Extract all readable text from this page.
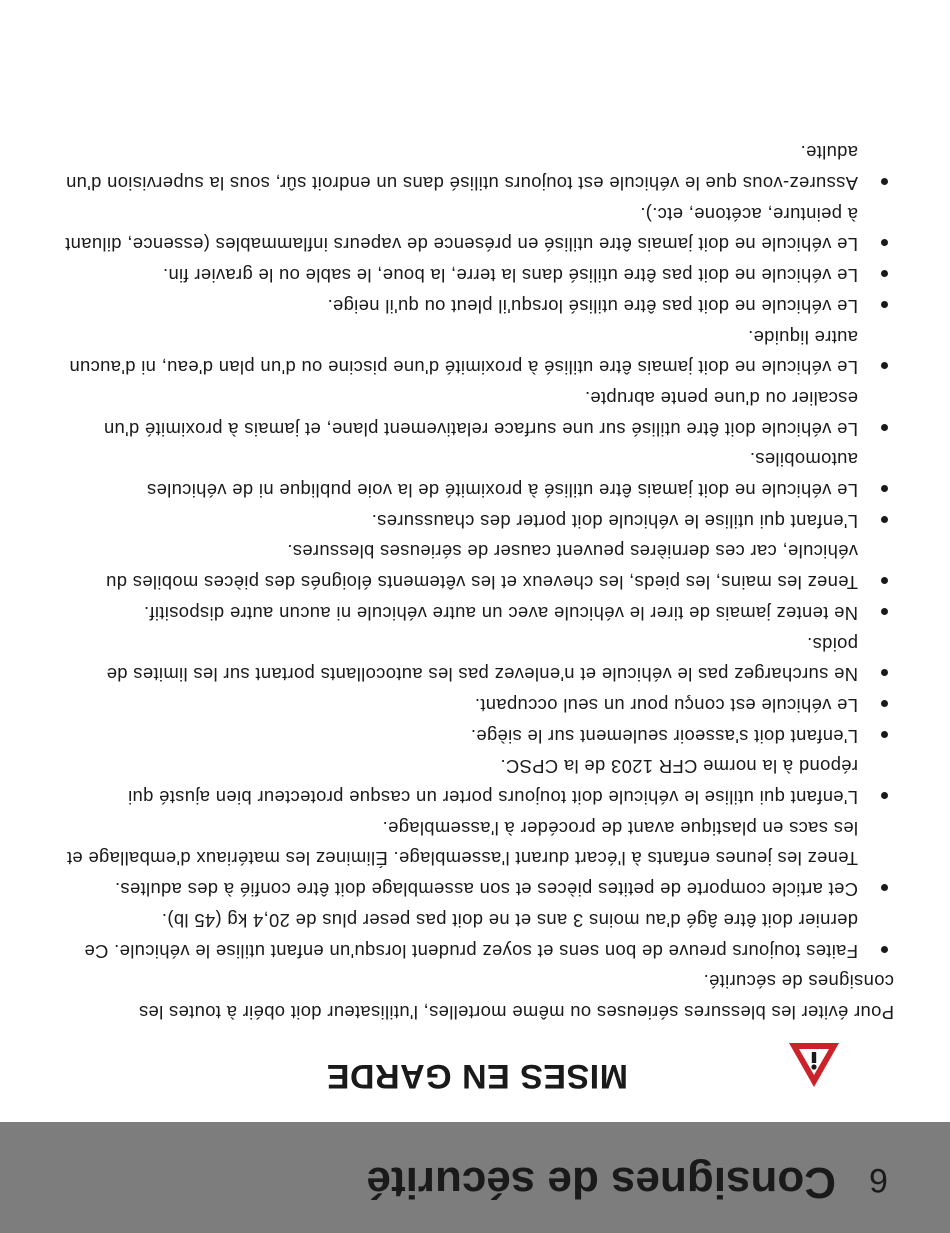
6
Consignes de sécurité
MISES EN GARDE

Pour éviter les blessures sérieuses ou même mortelles, l'utilisateur doit obéir à toutes les consignes de sécurité.

Faites toujours preuve de bon sens et soyez prudent lorsqu'un enfant utilise le véhicule. Ce dernier doit être âgé d'au moins 3 ans et ne doit pas peser plus de 20,4 kg (45 lb).
Cet article comporte de petites pièces et son assemblage doit être confié à des adultes. Tenez les jeunes enfants à l'écart durant l'assemblage. Éliminez les matériaux d'emballage et les sacs en plastique avant de procéder à l'assemblage.
L'enfant qui utilise le véhicule doit toujours porter un casque protecteur bien ajusté qui répond à la norme CFR 1203 de la CPSC.
L'enfant doit s'asseoir seulement sur le siège.
Le véhicule est conçu pour un seul occupant.
Ne surchargez pas le véhicule et n'enlevez pas les autocollants portant sur les limites de poids.
Ne tentez jamais de tirer le véhicule avec un autre véhicule ni aucun autre dispositif.
Tenez les mains, les pieds, les cheveux et les vêtements éloignés des pièces mobiles du véhicule, car ces dernières peuvent causer de sérieuses blessures.
L'enfant qui utilise le véhicule doit porter des chaussures.
Le véhicule ne doit jamais être utilisé à proximité de la voie publique ni de véhicules automobiles.
Le véhicule doit être utilisé sur une surface relativement plane, et jamais à proximité d'un escalier ou d'une pente abrupte.
Le véhicule ne doit jamais être utilisé à proximité d'une piscine ou d'un plan d'eau, ni d'aucun autre liquide.
Le véhicule ne doit pas être utilisé lorsqu'il pleut ou qu'il neige.
Le véhicule ne doit pas être utilisé dans la terre, la boue, le sable ou le gravier fin.
Le véhicule ne doit jamais être utilisé en présence de vapeurs inflammables (essence, diluant à peinture, acétone, etc.).
Assurez-vous que le véhicule est toujours utilisé dans un endroit sûr, sous la supervision d'un adulte.
